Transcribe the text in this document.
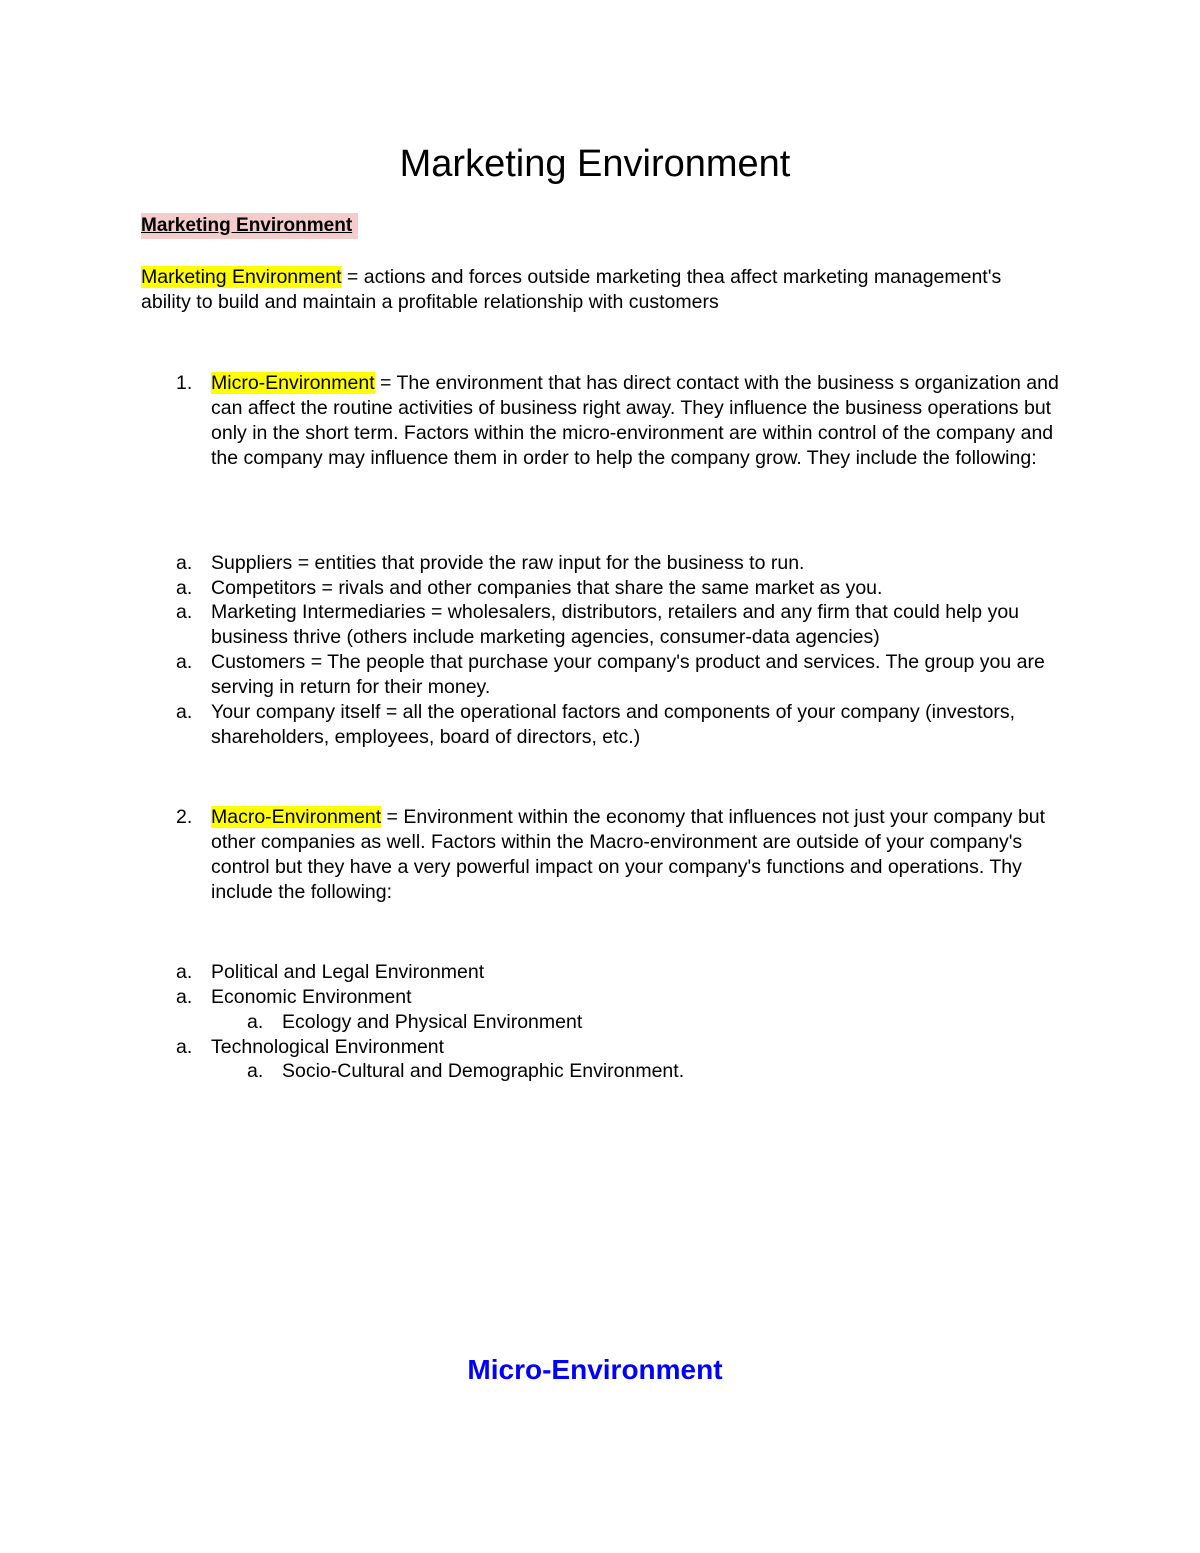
Marketing Environment
Marketing Environment
Marketing Environment = actions and forces outside marketing thea affect marketing management's ability to build and maintain a profitable relationship with customers
1. Micro-Environment = The environment that has direct contact with the business s organization and can affect the routine activities of business right away. They influence the business operations but only in the short term. Factors within the micro-environment are within control of the company and the company may influence them in order to help the company grow. They include the following:
a. Suppliers = entities that provide the raw input for the business to run.
a. Competitors = rivals and other companies that share the same market as you.
a. Marketing Intermediaries = wholesalers, distributors, retailers and any firm that could help you business thrive (others include marketing agencies, consumer-data agencies)
a. Customers = The people that purchase your company's product and services. The group you are serving in return for their money.
a. Your company itself = all the operational factors and components of your company (investors, shareholders, employees, board of directors, etc.)
2. Macro-Environment = Environment within the economy that influences not just your company but other companies as well. Factors within the Macro-environment are outside of your company's control but they have a very powerful impact on your company's functions and operations. Thy include the following:
a. Political and Legal Environment
a. Economic Environment
a. Ecology and Physical Environment
a. Technological Environment
a. Socio-Cultural and Demographic Environment.
Micro-Environment
